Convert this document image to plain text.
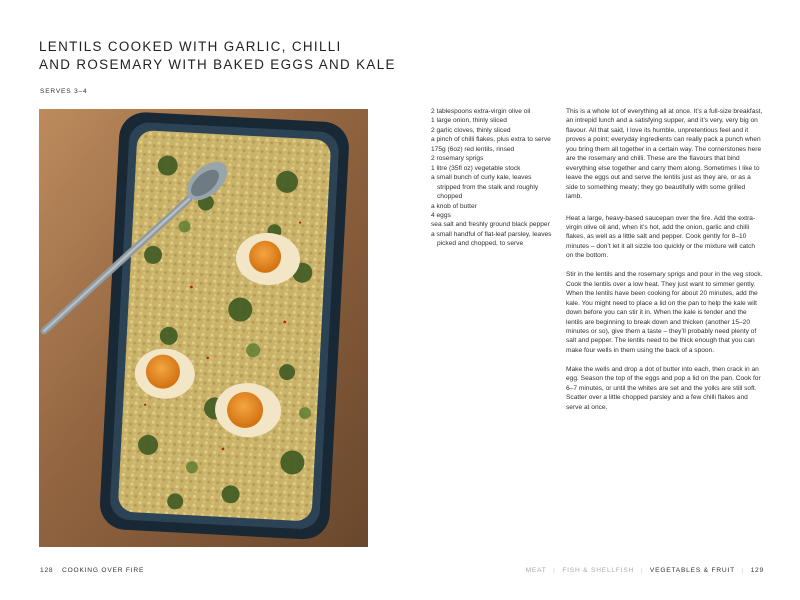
LENTILS COOKED WITH GARLIC, CHILLI
AND ROSEMARY WITH BAKED EGGS AND KALE
SERVES 3–4
2 tablespoons extra-virgin olive oil
1 large onion, thinly sliced
2 garlic cloves, thinly sliced
a pinch of chilli flakes, plus extra to serve
175g (6oz) red lentils, rinsed
2 rosemary sprigs
1 litre (35fl oz) vegetable stock
a small bunch of curly kale, leaves stripped from the stalk and roughly chopped
a knob of butter
4 eggs
sea salt and freshly ground black pepper
a small handful of flat-leaf parsley, leaves picked and chopped, to serve

This is a whole lot of everything all at once. It’s a full-size breakfast, an intrepid lunch and a satisfying supper, and it’s very, very big on flavour. All that said, I love its humble, unpretentious feel and it proves a point; everyday ingredients can really pack a punch when you bring them all together in a certain way. The cornerstones here are the rosemary and chilli. These are the flavours that bind everything else together and carry them along. Sometimes I like to leave the eggs out and serve the lentils just as they are, or as a side to something meaty; they go beautifully with some grilled lamb.

Heat a large, heavy-based saucepan over the fire. Add the extra-virgin olive oil and, when it’s hot, add the onion, garlic and chilli flakes, as well as a little salt and pepper. Cook gently for 8–10 minutes – don’t let it all sizzle too quickly or the mixture will catch on the bottom.

Stir in the lentils and the rosemary sprigs and pour in the veg stock. Cook the lentils over a low heat. They just want to simmer gently. When the lentils have been cooking for about 20 minutes, add the kale. You might need to place a lid on the pan to help the kale wilt down before you can stir it in. When the kale is tender and the lentils are beginning to break down and thicken (another 15–20 minutes or so), give them a taste – they’ll probably need plenty of salt and pepper. The lentils need to be thick enough that you can make four wells in them using the back of a spoon.

Make the wells and drop a dot of butter into each, then crack in an egg. Season the top of the eggs and pop a lid on the pan. Cook for 6–7 minutes, or until the whites are set and the yolks are still soft. Scatter over a little chopped parsley and a few chilli flakes and serve at once.

128 COOKING OVER FIRE	MEAT | FISH & SHELLFISH | VEGETABLES & FRUIT | 129
